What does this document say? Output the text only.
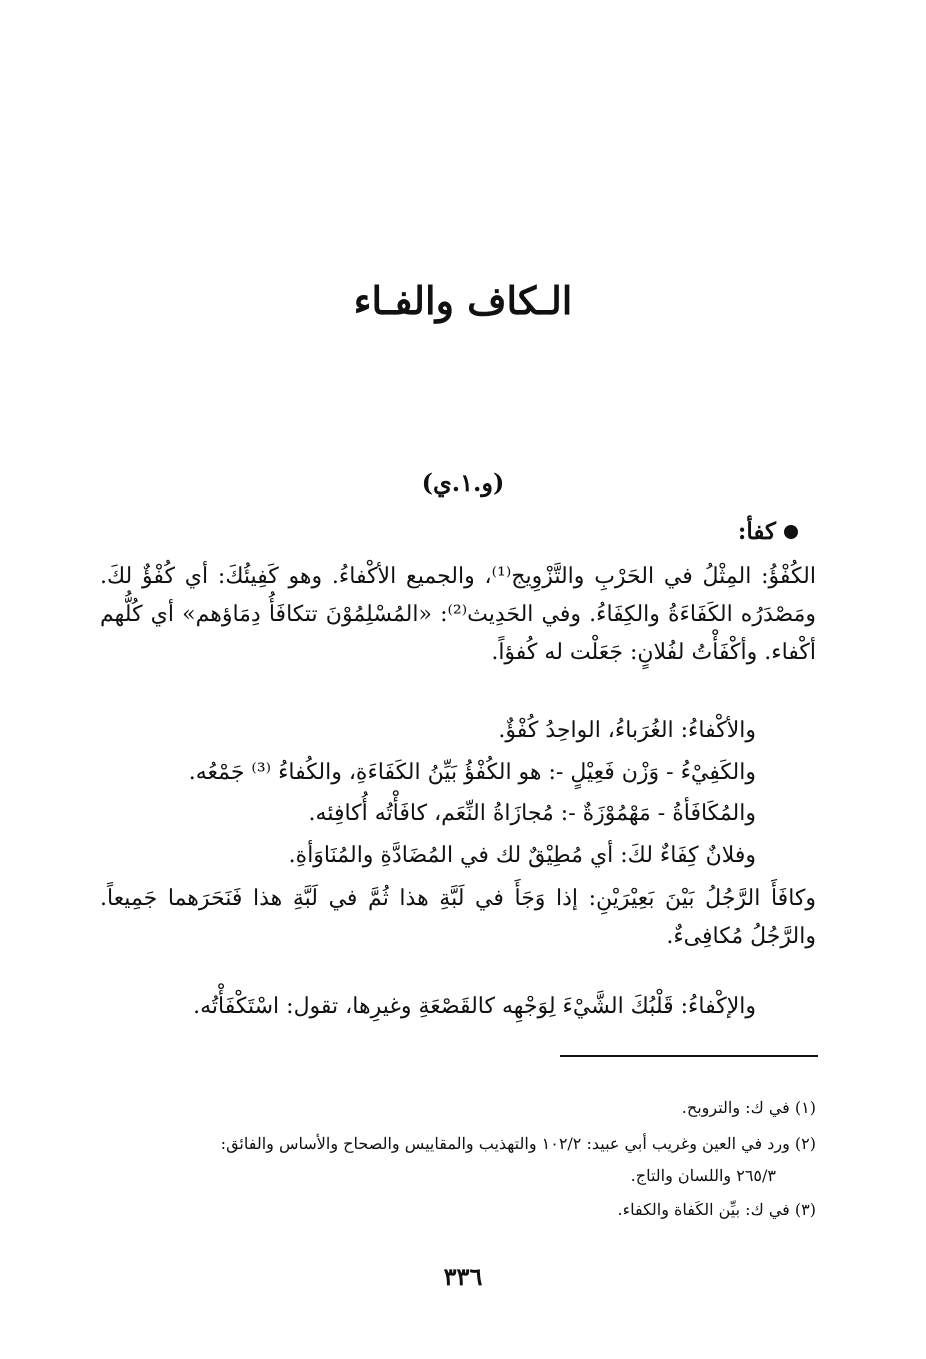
الـكاف والفـاء
(و.١.ي)
كفأ:
الكُفْؤُ: المِثْلُ في الحَرْبِ والتَّزْوِيج⁽¹⁾، والجميع الأكْفاءُ. وهو كَفِيئُكَ: أي كُفْؤٌ لكَ. ومَصْدَرُه الكَفَاءَةُ والكِفَاءُ. وفي الحَدِيث⁽²⁾: «المُسْلِمُوْنَ تتكافَأُ دِمَاؤهم» أي كُلُّهم أكْفاء. وأكْفَأْتُ لفُلانٍ: جَعَلْت له كُفؤاً.
والأكْفاءُ: الغُرَباءُ، الواحِدُ كُفْؤٌ.
والكَفِيْءُ - وَزْن فَعِيْلٍ -: هو الكُفْؤُ بَيِّنُ الكَفَاءَةِ، والكُفاءُ ⁽³⁾ جَمْعُه.
والمُكَافَأةُ - مَهْمُوْزَةٌ -: مُجازَاةُ النِّعَم، كافَأْتُه أُكافِئه.
وفلانٌ كِفَاءٌ لكَ: أي مُطِيْقٌ لك في المُضَادَّةِ والمُنَاوَأةِ.
وكافَأَ الرَّجُلُ بَيْنَ بَعِيْرَيْنِ: إذا وَجَأَ في لَبَّةِ هذا ثُمَّ في لَبَّةِ هذا فَنَحَرَهما جَمِيعاً. والرَّجُلُ مُكافِىءٌ.
والإكْفاءُ: قَلْبُكَ الشَّيْءَ لِوَجْهِه كالقَصْعَةِ وغيرِها، تقول: اسْتَكْفَأْتُه.
(١) في ك: والتروبح.
(٢) ورد في العين وغريب أبي عبيد: ١٠٢/٢ والتهذيب والمقاييس والصحاح والأساس والفائق:
٢٦٥/٣ واللسان والتاج.
(٣) في ك: بيِّن الكَفاة والكفاء.
٣٣٦
